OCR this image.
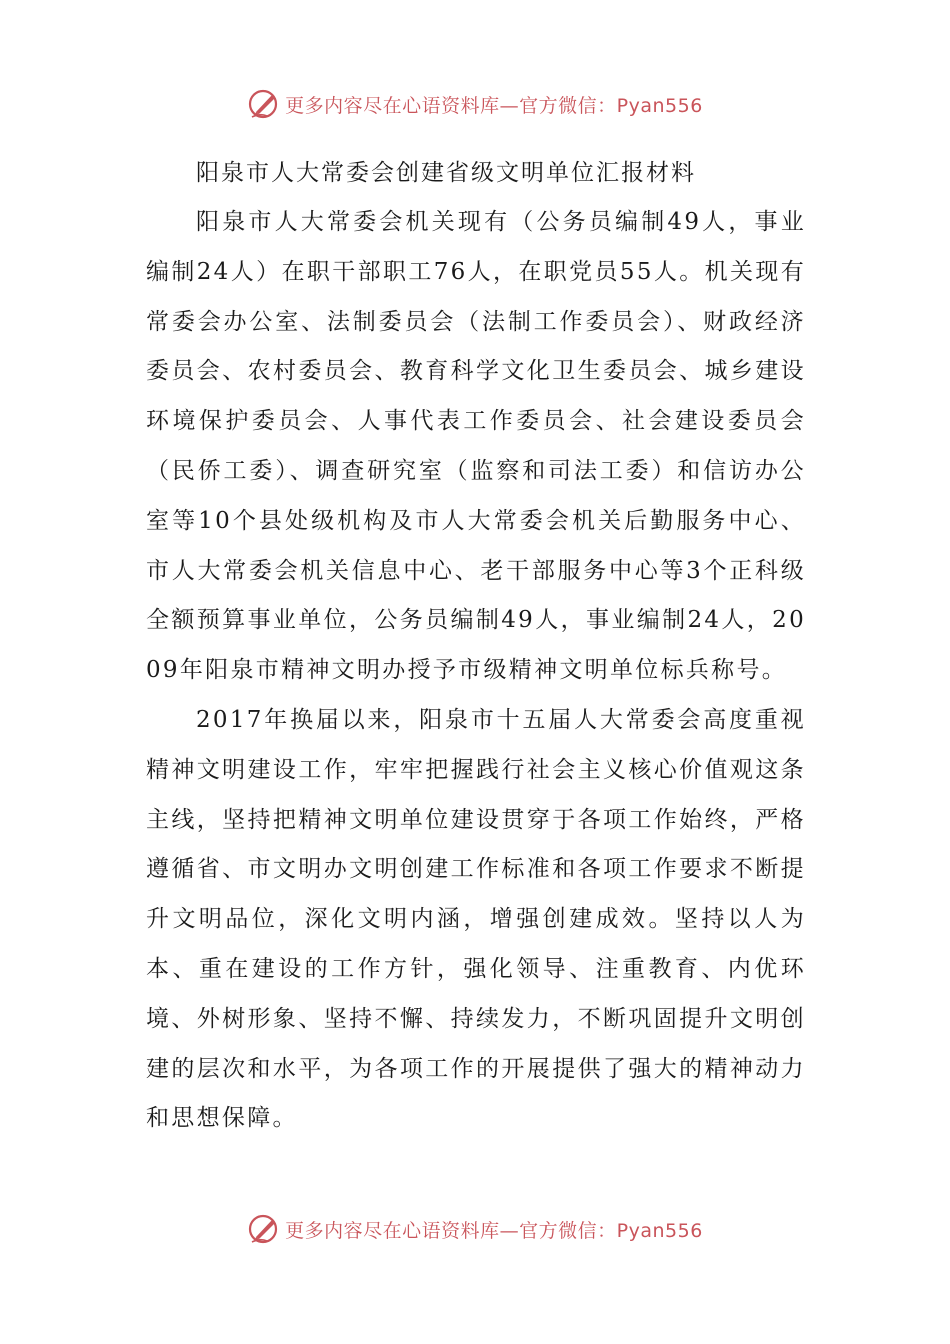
更多内容尽在心语资料库—官方微信：Pyan556
阳泉市人大常委会创建省级文明单位汇报材料

阳泉市人大常委会机关现有（公务员编制49人，事业编制24人）在职干部职工76人，在职党员55人。机关现有常委会办公室、法制委员会（法制工作委员会）、财政经济委员会、农村委员会、教育科学文化卫生委员会、城乡建设环境保护委员会、人事代表工作委员会、社会建设委员会（民侨工委）、调查研究室（监察和司法工委）和信访办公室等10个县处级机构及市人大常委会机关后勤服务中心、市人大常委会机关信息中心、老干部服务中心等3个正科级全额预算事业单位，公务员编制49人，事业编制24人，2009年阳泉市精神文明办授予市级精神文明单位标兵称号。

2017年换届以来，阳泉市十五届人大常委会高度重视精神文明建设工作，牢牢把握践行社会主义核心价值观这条主线，坚持把精神文明单位建设贯穿于各项工作始终，严格遵循省、市文明办文明创建工作标准和各项工作要求不断提升文明品位，深化文明内涵，增强创建成效。坚持以人为本、重在建设的工作方针，强化领导、注重教育、内优环境、外树形象、坚持不懈、持续发力，不断巩固提升文明创建的层次和水平，为各项工作的开展提供了强大的精神动力和思想保障。

更多内容尽在心语资料库—官方微信：Pyan556
